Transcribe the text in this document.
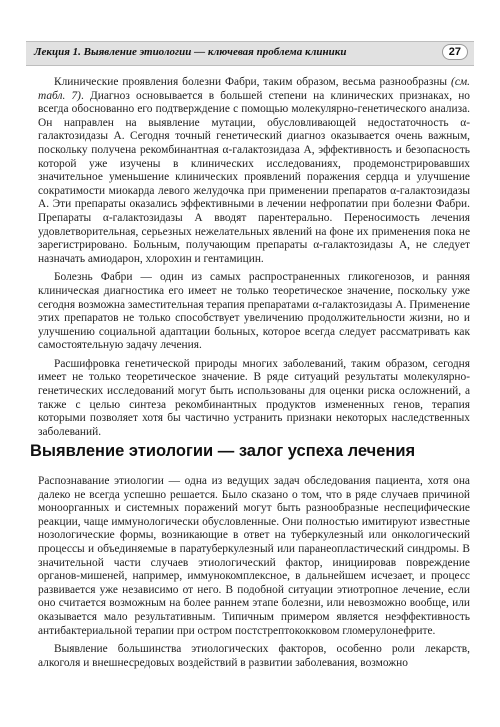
Лекция 1. Выявление этиологии — ключевая проблема клиники	27

Клинические проявления болезни Фабри, таким образом, весьма разнообразны (см. табл. 7). Диагноз основывается в большей степени на клинических признаках, но всегда обоснованно его подтверждение с помощью молекулярно-генетического анализа. Он направлен на выявление мутации, обусловливающей недостаточность α-галактозидазы А. Сегодня точный генетический диагноз оказывается очень важным, поскольку получена рекомбинантная α-галактозидаза А, эффективность и безопасность которой уже изучены в клинических исследованиях, продемонстрировавших значительное уменьшение клинических проявлений поражения сердца и улучшение сократимости миокарда левого желудочка при применении препаратов α-галактозидазы А. Эти препараты оказались эффективными в лечении нефропатии при болезни Фабри. Препараты α-галактозидазы А вводят парентерально. Переносимость лечения удовлетворительная, серьезных нежелательных явлений на фоне их применения пока не зарегистрировано. Больным, получающим препараты α-галактозидазы А, не следует назначать амиодарон, хлорохин и гентамицин.

Болезнь Фабри — один из самых распространенных гликогенозов, и ранняя клиническая диагностика его имеет не только теоретическое значение, поскольку уже сегодня возможна заместительная терапия препаратами α-галактозидазы А. Применение этих препаратов не только способствует увеличению продолжительности жизни, но и улучшению социальной адаптации больных, которое всегда следует рассматривать как самостоятельную задачу лечения.

Расшифровка генетической природы многих заболеваний, таким образом, сегодня имеет не только теоретическое значение. В ряде ситуаций результаты молекулярно-генетических исследований могут быть использованы для оценки риска осложнений, а также с целью синтеза рекомбинантных продуктов измененных генов, терапия которыми позволяет хотя бы частично устранить признаки некоторых наследственных заболеваний.

Выявление этиологии — залог успеха лечения

Распознавание этиологии — одна из ведущих задач обследования пациента, хотя она далеко не всегда успешно решается. Было сказано о том, что в ряде случаев причиной моноорганных и системных поражений могут быть разнообразные неспецифические реакции, чаще иммунологически обусловленные. Они полностью имитируют известные нозологические формы, возникающие в ответ на туберкулезный или онкологический процессы и объединяемые в паратуберкулезный или паранеопластический синдромы. В значительной части случаев этиологический фактор, инициировав повреждение органов-мишеней, например, иммунокомплексное, в дальнейшем исчезает, и процесс развивается уже независимо от него. В подобной ситуации этиотропное лечение, если оно считается возможным на более раннем этапе болезни, или невозможно вообще, или оказывается мало результативным. Типичным примером является неэффективность антибактериальной терапии при остром постстрептококковом гломерулонефрите.

Выявление большинства этиологических факторов, особенно роли лекарств, алкоголя и внешнесредовых воздействий в развитии заболевания, возможно
